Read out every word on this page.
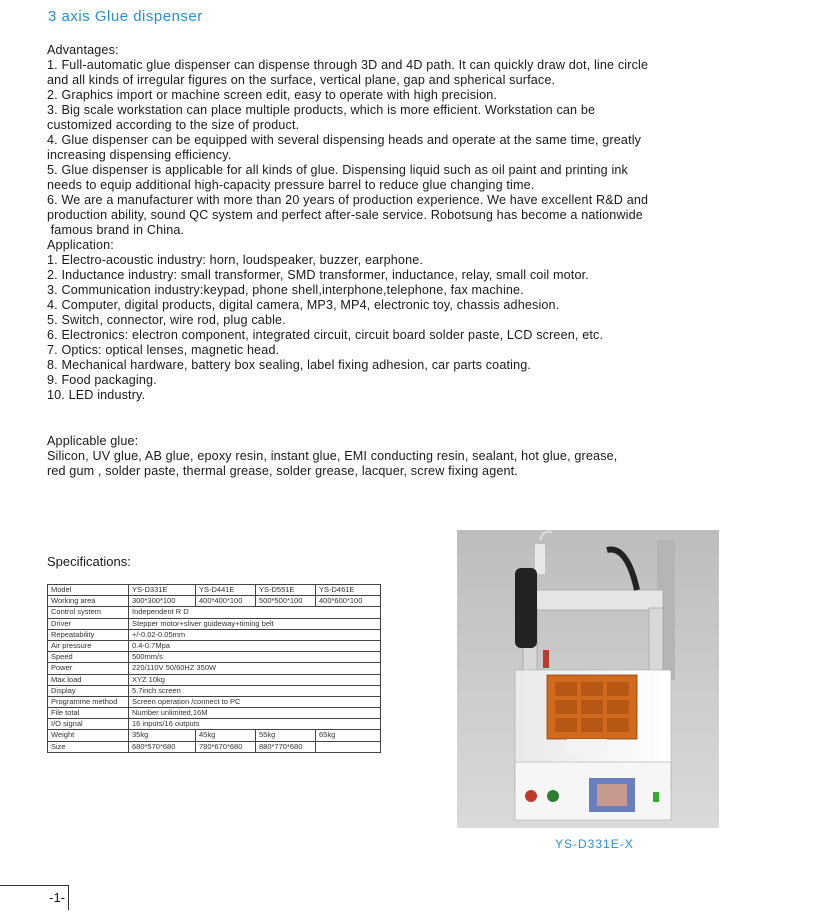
3 axis Glue dispenser
Advantages:
1. Full-automatic glue dispenser can dispense through 3D and 4D path. It can quickly draw dot, line circle
and all kinds of irregular figures on the surface, vertical plane, gap and spherical surface.
2. Graphics import or machine screen edit, easy to operate with high precision.
3. Big scale workstation can place multiple products, which is more efficient. Workstation can be
customized according to the size of product.
4. Glue dispenser can be equipped with several dispensing heads and operate at the same time, greatly
increasing dispensing efficiency.
5. Glue dispenser is applicable for all kinds of glue. Dispensing liquid such as oil paint and printing ink
needs to equip additional high-capacity pressure barrel to reduce glue changing time.
6. We are a manufacturer with more than 20 years of production experience. We have excellent R&D and
production ability, sound QC system and perfect after-sale service. Robotsung has become a nationwide
famous brand in China.
Application:
1. Electro-acoustic industry: horn, loudspeaker, buzzer, earphone.
2. Inductance industry: small transformer, SMD transformer, inductance, relay, small coil motor.
3. Communication industry:keypad, phone shell,interphone,telephone, fax machine.
4. Computer, digital products, digital camera, MP3, MP4, electronic toy, chassis adhesion.
5. Switch, connector, wire rod, plug cable.
6. Electronics: electron component, integrated circuit, circuit board solder paste, LCD screen, etc.
7. Optics: optical lenses, magnetic head.
8. Mechanical hardware, battery box sealing, label fixing adhesion, car parts coating.
9. Food packaging.
10. LED industry.
Applicable glue:
Silicon, UV glue, AB glue, epoxy resin, instant glue, EMI conducting resin, sealant, hot glue, grease,
red gum , solder paste, thermal grease, solder grease, lacquer, screw fixing agent.
Specifications:
Model	YS-D331E	YS-D441E	YS-D551E	YS-D461E
Working area	300*300*100	400*400*100	500*500*100	400*600*100
Control system	Independent R D			
Driver	Stepper motor+sliver guideway+timing belt			
Repeatability	+/-0.02-0.05mm			
Air pressure	0.4-0.7Mpa			
Speed	500mm/s			
Power	220/110V 50/60HZ 350W			
Max load	XYZ 10kg			
Display	5.7inch screen			
Programme method	Screen operation /connect to PC			
File total	Number unlimited,16M			
I/O signal	16 inputs/16 outputs			
Weight	35kg	45kg	55kg	65kg
Size	680*570*680	780*670*680	880*770*680	
YS-D331E-X
-1-
